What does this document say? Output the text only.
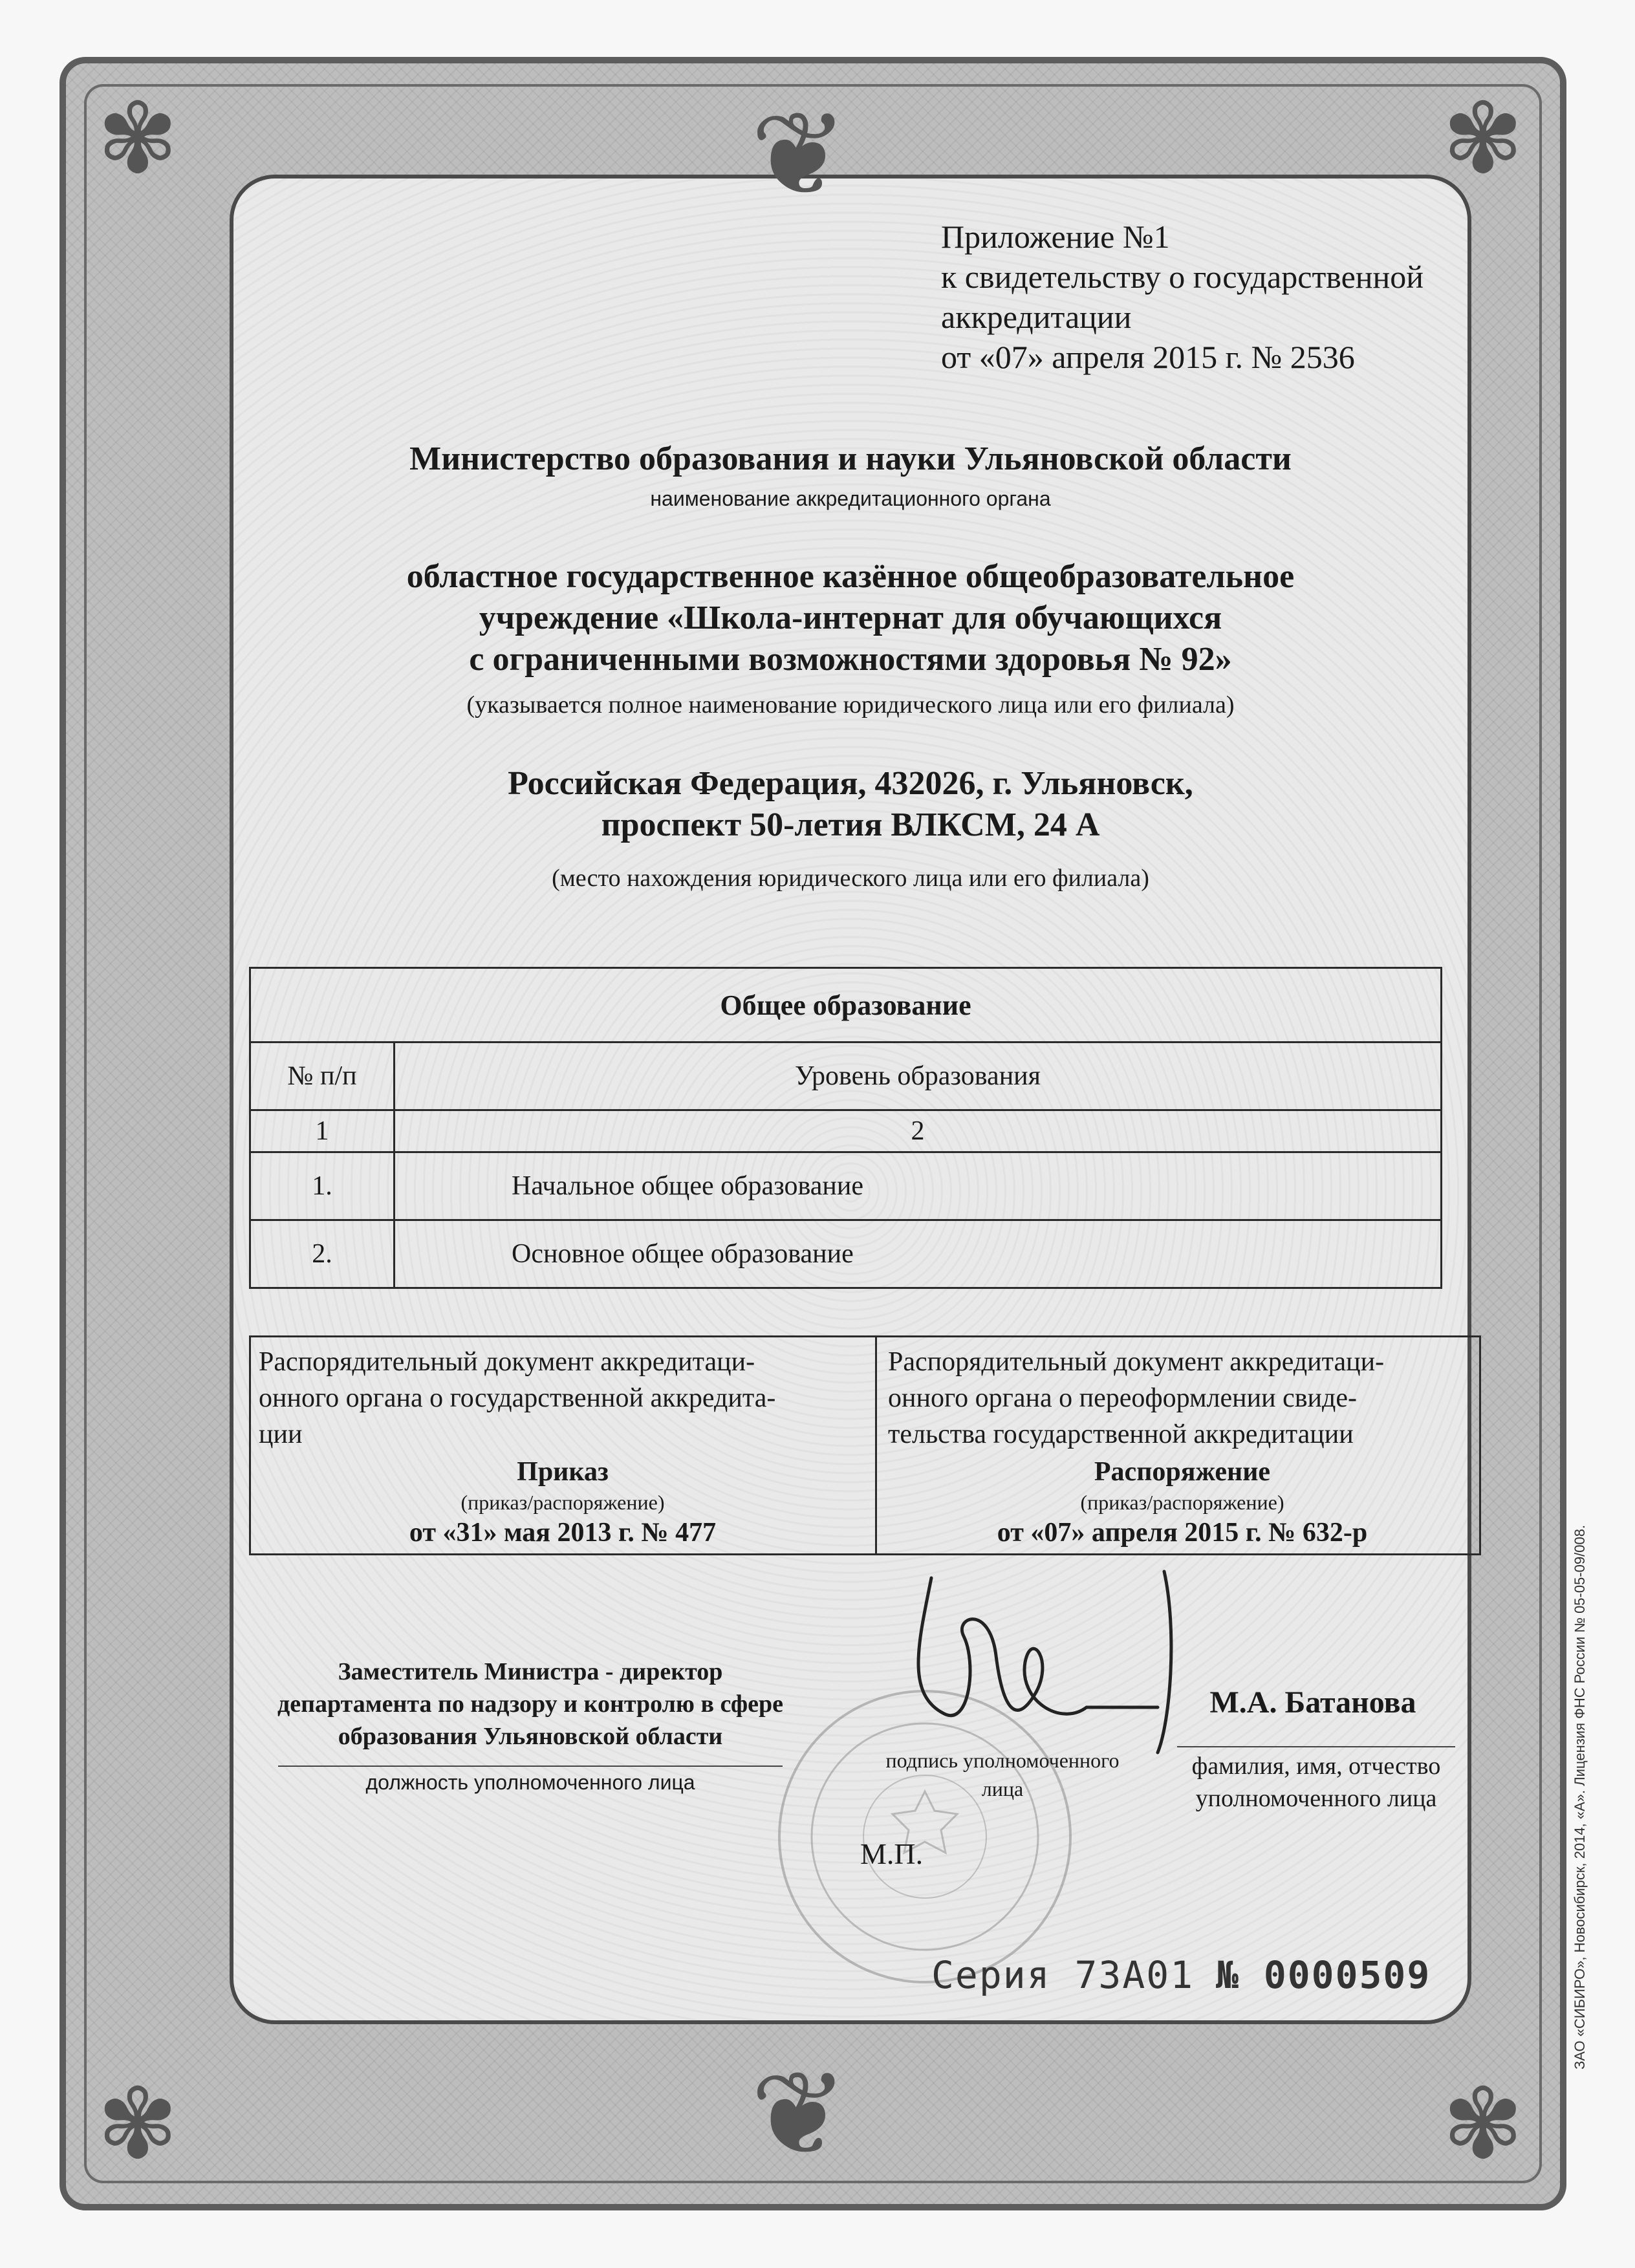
❦
❦
✾	✾
✾	✾
Приложение №1
к свидетельству о государственной
аккредитации
от «07» апреля 2015 г. № 2536
Министерство образования и науки Ульяновской области
наименование аккредитационного органа
областное государственное казённое общеобразовательное
учреждение «Школа-интернат для обучающихся
с ограниченными возможностями здоровья № 92»
(указывается полное наименование юридического лица или его филиала)
Российская Федерация, 432026, г. Ульяновск,
проспект 50-летия ВЛКСМ, 24 А
(место нахождения юридического лица или его филиала)
Общее образование	
№ п/п	Уровень образования
1	2
1.	Начальное общее образование
2.	Основное общее образование
Распорядительный документ аккредитаци-
онного органа о государственной аккредита-
ции
Приказ
(приказ/распоряжение)
от «31» мая 2013 г. № 477
Распорядительный документ аккредитаци-
онного органа о переоформлении свиде-
тельства государственной аккредитации
Распоряжение
(приказ/распоряжение)
от «07» апреля 2015 г. № 632-р
Заместитель Министра - директор
департамента по надзору и контролю в сфере
образования Ульяновской области
должность уполномоченного лица
подпись уполномоченного
лица
М.А. Батанова
фамилия, имя, отчество
уполномоченного лица
М.П.
Серия 73А01 № 0000509	ЗАО «СИБИРО», Новосибирск, 2014, «А». Лицензия ФНС России № 05-05-09/008.
